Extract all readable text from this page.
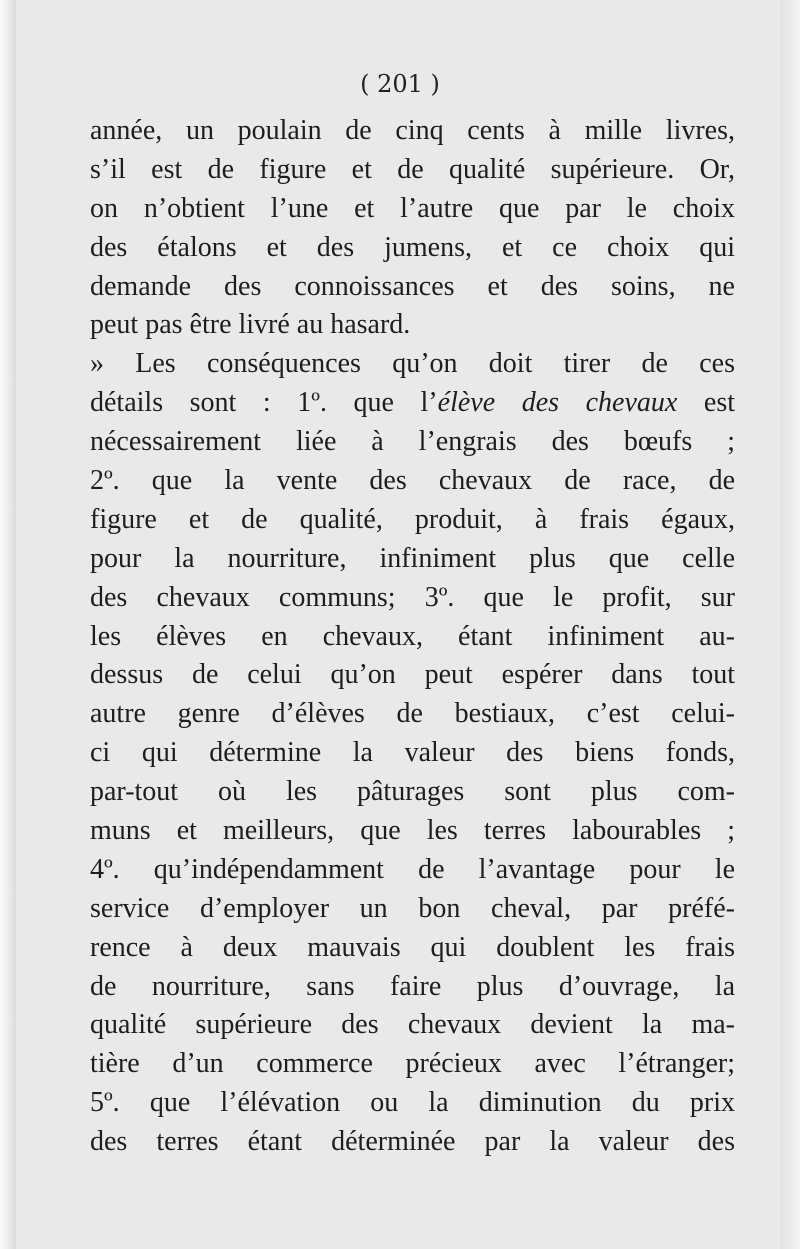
( 201 )
année, un poulain de cinq cents à mille livres,
s’il est de figure et de qualité supérieure. Or,
on n’obtient l’une et l’autre que par le choix
des étalons et des jumens, et ce choix qui
demande des connoissances et des soins, ne
peut pas être livré au hasard.
» Les conséquences qu’on doit tirer de ces
détails sont : 1º. que l’élève des chevaux est
nécessairement liée à l’engrais des bœufs ;
2º. que la vente des chevaux de race, de
figure et de qualité, produit, à frais égaux,
pour la nourriture, infiniment plus que celle
des chevaux communs; 3º. que le profit, sur
les élèves en chevaux, étant infiniment au-
dessus de celui qu’on peut espérer dans tout
autre genre d’élèves de bestiaux, c’est celui-
ci qui détermine la valeur des biens fonds,
par-tout où les pâturages sont plus com-
muns et meilleurs, que les terres labourables ;
4º. qu’indépendamment de l’avantage pour le
service d’employer un bon cheval, par préfé-
rence à deux mauvais qui doublent les frais
de nourriture, sans faire plus d’ouvrage, la
qualité supérieure des chevaux devient la ma-
tière d’un commerce précieux avec l’étranger;
5º. que l’élévation ou la diminution du prix
des terres étant déterminée par la valeur des
